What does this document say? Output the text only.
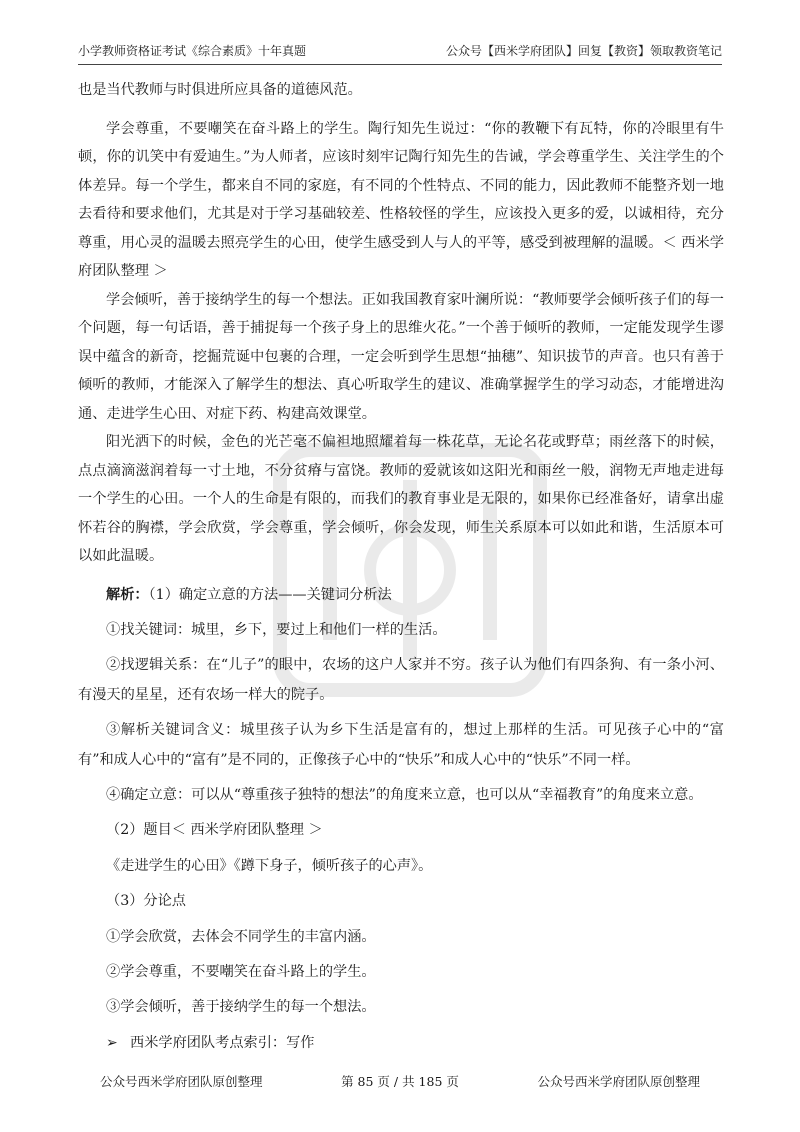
小学教师资格证考试《综合素质》十年真题	公众号【西米学府团队】回复【教资】领取教资笔记

也是当代教师与时俱进所应具备的道德风范。

学会尊重，不要嘲笑在奋斗路上的学生。陶行知先生说过：“你的教鞭下有瓦特，你的冷眼里有牛顿，你的讥笑中有爱迪生。”为人师者，应该时刻牢记陶行知先生的告诫，学会尊重学生、关注学生的个体差异。每一个学生，都来自不同的家庭，有不同的个性特点、不同的能力，因此教师不能整齐划一地去看待和要求他们，尤其是对于学习基础较差、性格较怪的学生，应该投入更多的爱，以诚相待，充分尊重，用心灵的温暖去照亮学生的心田，使学生感受到人与人的平等，感受到被理解的温暖。＜ 西米学府团队整理 ＞

学会倾听，善于接纳学生的每一个想法。正如我国教育家叶澜所说：“教师要学会倾听孩子们的每一个问题，每一句话语，善于捕捉每一个孩子身上的思维火花。”一个善于倾听的教师，一定能发现学生谬误中蕴含的新奇，挖掘荒诞中包裹的合理，一定会听到学生思想“抽穗”、知识拔节的声音。也只有善于倾听的教师，才能深入了解学生的想法、真心听取学生的建议、准确掌握学生的学习动态，才能增进沟通、走进学生心田、对症下药、构建高效课堂。

阳光洒下的时候，金色的光芒毫不偏袒地照耀着每一株花草，无论名花或野草；雨丝落下的时候，点点滴滴滋润着每一寸土地，不分贫瘠与富饶。教师的爱就该如这阳光和雨丝一般，润物无声地走进每一个学生的心田。一个人的生命是有限的，而我们的教育事业是无限的，如果你已经准备好，请拿出虚怀若谷的胸襟，学会欣赏，学会尊重，学会倾听，你会发现，师生关系原本可以如此和谐，生活原本可以如此温暖。

解析：（1）确定立意的方法——关键词分析法

①找关键词：城里，乡下，要过上和他们一样的生活。

②找逻辑关系：在“儿子”的眼中，农场的这户人家并不穷。孩子认为他们有四条狗、有一条小河、有漫天的星星，还有农场一样大的院子。

③解析关键词含义：城里孩子认为乡下生活是富有的，想过上那样的生活。可见孩子心中的“富有”和成人心中的“富有”是不同的，正像孩子心中的“快乐”和成人心中的“快乐”不同一样。

④确定立意：可以从“尊重孩子独特的想法”的角度来立意，也可以从“幸福教育”的角度来立意。

（2）题目＜ 西米学府团队整理 ＞

《走进学生的心田》《蹲下身子，倾听孩子的心声》。

（3）分论点

①学会欣赏，去体会不同学生的丰富内涵。

②学会尊重，不要嘲笑在奋斗路上的学生。

③学会倾听，善于接纳学生的每一个想法。

➢ 西米学府团队考点索引：写作

公众号西米学府团队原创整理	第 85 页 / 共 185 页	公众号西米学府团队原创整理
